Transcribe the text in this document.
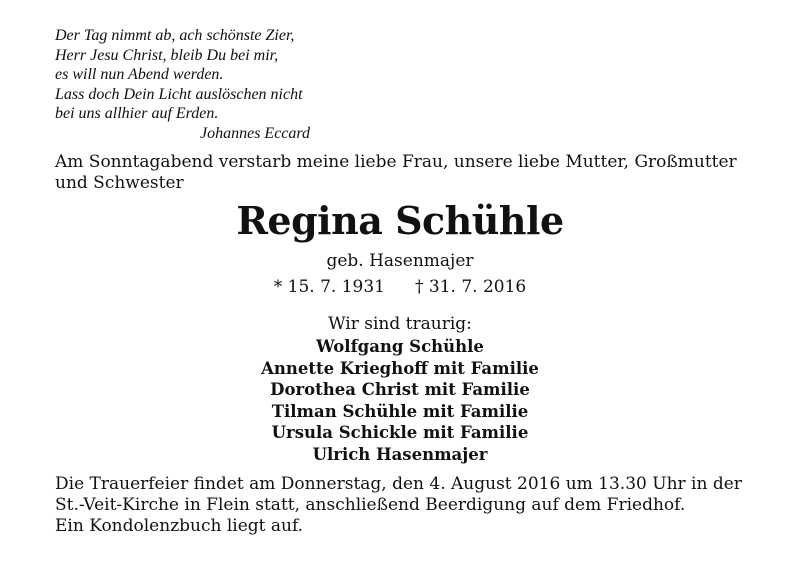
Der Tag nimmt ab, ach schönste Zier,
Herr Jesu Christ, bleib Du bei mir,
es will nun Abend werden.
Lass doch Dein Licht auslöschen nicht
bei uns allhier auf Erden.
Johannes Eccard
Am Sonntagabend verstarb meine liebe Frau, unsere liebe Mutter, Großmutter
und Schwester
Regina Schühle
geb. Hasenmajer
* 15. 7. 1931 † 31. 7. 2016
Wir sind traurig:
Wolfgang Schühle
Annette Krieghoff mit Familie
Dorothea Christ mit Familie
Tilman Schühle mit Familie
Ursula Schickle mit Familie
Ulrich Hasenmajer
Die Trauerfeier findet am Donnerstag, den 4. August 2016 um 13.30 Uhr in der
St.-Veit-Kirche in Flein statt, anschließend Beerdigung auf dem Friedhof.
Ein Kondolenzbuch liegt auf.
